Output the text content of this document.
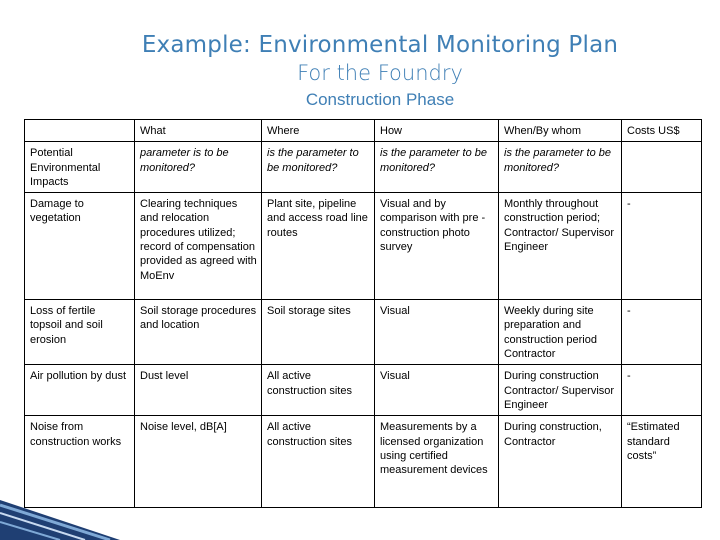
Example: Environmental Monitoring Plan
For the Foundry
Construction Phase
	What	Where	How	When/By whom	Costs US$
Potential Environmental Impacts	parameter is to be monitored?	is the parameter to be monitored?	is the parameter to be monitored?	is the parameter to be monitored?	
Damage to vegetation	Clearing techniques and relocation procedures utilized; record of compensation provided as agreed with MoEnv	Plant site, pipeline and access road line routes	Visual and by comparison with pre -construction photo survey	Monthly throughout construction period; Contractor/ Supervisor Engineer	-
Loss of fertile topsoil and soil erosion	Soil storage procedures and location	Soil storage sites	Visual	Weekly during site preparation and construction period Contractor	-
Air pollution by dust	Dust level	All active construction sites	Visual	During construction Contractor/ Supervisor Engineer	-
Noise from construction works	Noise level, dB[A]	All active construction sites	Measurements by a licensed organization using certified measurement devices	During construction, Contractor	“Estimated standard costs”
